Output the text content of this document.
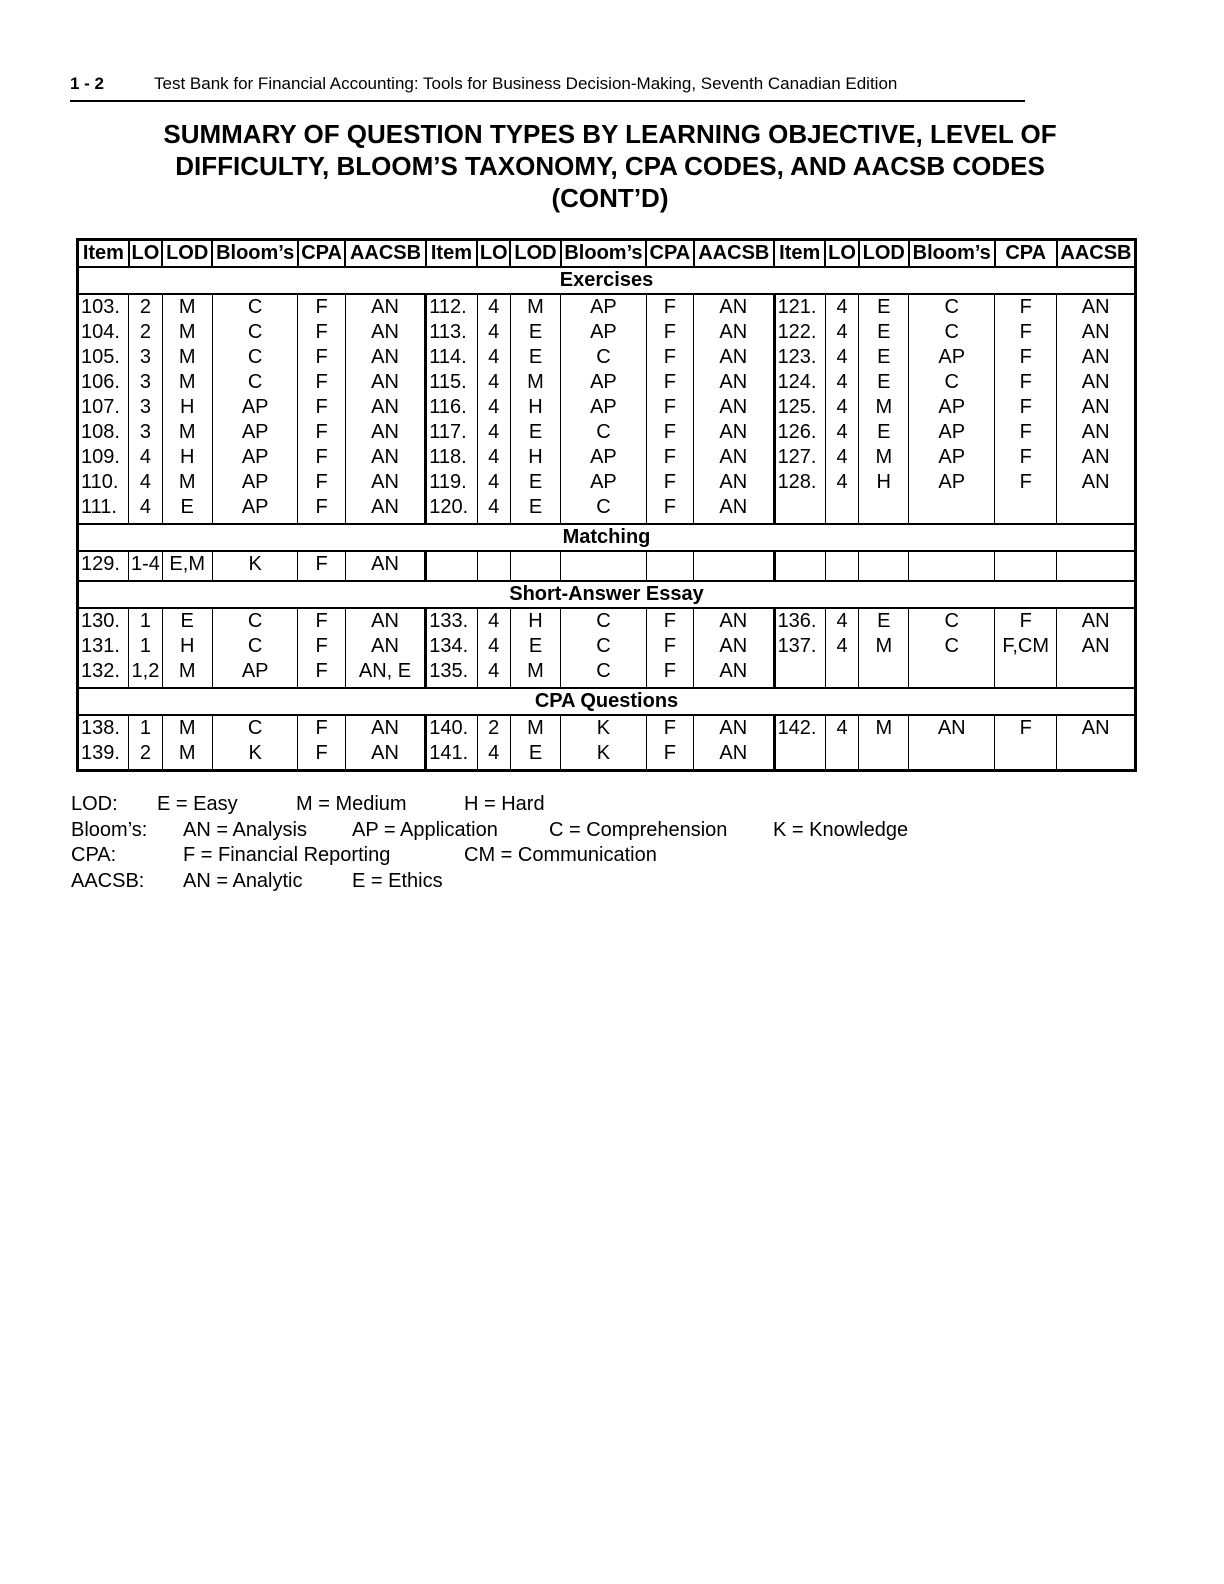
1 - 2	Test Bank for Financial Accounting: Tools for Business Decision-Making, Seventh Canadian Edition
SUMMARY OF QUESTION TYPES BY LEARNING OBJECTIVE, LEVEL OF
DIFFICULTY, BLOOM’S TAXONOMY, CPA CODES, AND AACSB CODES
(CONT’D)
Item	LO	LOD	Bloom’s	CPA	AACSB	Item	LO	LOD	Bloom’s	CPA	AACSB	Item	LO	LOD	Bloom’s	CPA	AACSB
Exercises																	
103.	2	M	C	F	AN	112.	4	M	AP	F	AN	121.	4	E	C	F	AN
104.	2	M	C	F	AN	113.	4	E	AP	F	AN	122.	4	E	C	F	AN
105.	3	M	C	F	AN	114.	4	E	C	F	AN	123.	4	E	AP	F	AN
106.	3	M	C	F	AN	115.	4	M	AP	F	AN	124.	4	E	C	F	AN
107.	3	H	AP	F	AN	116.	4	H	AP	F	AN	125.	4	M	AP	F	AN
108.	3	M	AP	F	AN	117.	4	E	C	F	AN	126.	4	E	AP	F	AN
109.	4	H	AP	F	AN	118.	4	H	AP	F	AN	127.	4	M	AP	F	AN
110.	4	M	AP	F	AN	119.	4	E	AP	F	AN	128.	4	H	AP	F	AN
111.	4	E	AP	F	AN	120.	4	E	C	F	AN						
Matching																	
129.	1-4	E,M	K	F	AN												
Short-Answer Essay																	
130.	1	E	C	F	AN	133.	4	H	C	F	AN	136.	4	E	C	F	AN
131.	1	H	C	F	AN	134.	4	E	C	F	AN	137.	4	M	C	F,CM	AN
132.	1,2	M	AP	F	AN, E	135.	4	M	C	F	AN						
CPA Questions																	
138.	1	M	C	F	AN	140.	2	M	K	F	AN	142.	4	M	AN	F	AN
139.	2	M	K	F	AN	141.	4	E	K	F	AN						
LOD: E = Easy	M = Medium	H = Hard
Bloom’s: AN = Analysis AP = Application	C = Comprehension K = Knowledge
CPA:	F = Financial Reporting	CM = Communication
AACSB: AN = Analytic E = Ethics
